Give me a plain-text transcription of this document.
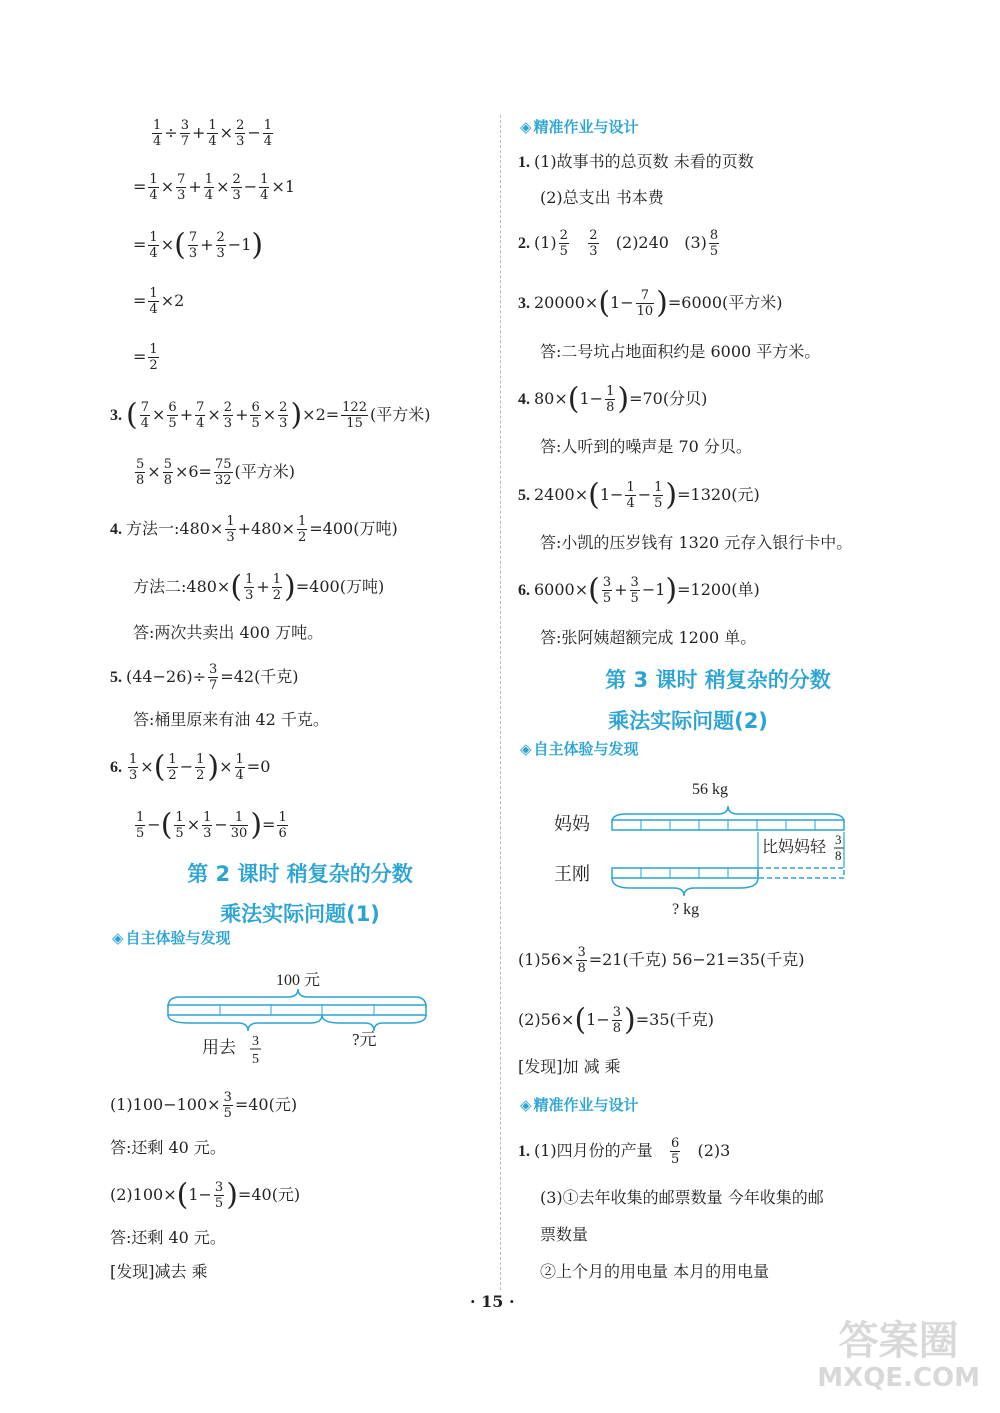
$\frac{1}{4} \div \frac{3}{7} + \frac{1}{4} \times \frac{2}{3} - \frac{1}{4}$
= $\frac{1}{4} \times \frac{7}{3} + \frac{1}{4} \times \frac{2}{3} - \frac{1}{4} \times 1$
= $\frac{1}{4}$ ×( $\frac{7}{3} + \frac{2}{3} -1$)
= $\frac{1}{4} \times 2$
= $\frac{1}{2}$
3. ( $\frac{7}{4} \times \frac{6}{5} + \frac{7}{4} \times \frac{2}{3} + \frac{6}{5} \times \frac{2}{3} )\times 2= \frac{122}{15}$ (平方米)
$\frac{5}{8} \times \frac{5}{8} \times 6= \frac{75}{32}$ (平方米)
4. 方法一:480× $\frac{1}{3} +480\times \frac{1}{2} =400$(万吨)
方法二:480×( $\frac{1}{3} + \frac{1}{2} )=400$(万吨)
答:两次共卖出 400 万吨。
5. $(44-26)\div \frac{3}{7} =42$(千克)
答:桶里原来有油 42 千克。
6. $\frac{1}{3}$ ×( $\frac{1}{2} - \frac{1}{2}$ )× $\frac{1}{4} =0$
$\frac{1}{5}$ −( $\frac{1}{5} \times \frac{1}{3} - \frac{1}{30}$ )= $\frac{1}{6}$
第 2 课时 稍复杂的分数
乘法实际问题(1)
◈ 自主体验与发现
100 元
用去 3
5
?元
$(1)100-100\times \frac{3}{5} =40$(元)
答:还剩 40 元。
$(2)100\times(1- \frac{3}{5} )=40$(元)
答:还剩 40 元。
[发现]减去 乘
◈ 精准作业与设计
1. (1)故事书的总页数 未看的页数
(2)总支出 书本费
2. $(1) \frac{2}{5}$
$\frac{2}{3} (2)240$ $(3) \frac{8}{5}$
3. $20000\times(1- \frac{7}{10} )=6000$(平方米)
答:二号坑占地面积约是 6000 平方米。
4. $80\times(1- \frac{1}{8} )=70$(分贝)
答:人听到的噪声是 70 分贝。
5. $2400\times(1- \frac{1}{4} - \frac{1}{5} )=1320$(元)
答:小凯的压岁钱有 1320 元存入银行卡中。
6. $6000\times( \frac{3}{5} + \frac{3}{5} -1)=1200$(单)
答:张阿姨超额完成 1200 单。
第 3 课时 稍复杂的分数
乘法实际问题(2)
◈ 自主体验与发现
56 kg
妈妈
比妈妈轻 3
8
王刚
? kg
$(1)56\times \frac{3}{8} =21$(千克) 56−21=35(千克)
$(2)56\times(1- \frac{3}{8} )=35$(千克)
[发现]加 减 乘
◈ 精准作业与设计
1. (1)四月份的产量 $\frac{6}{5} (2)3$
(3)①去年收集的邮票数量 今年收集的邮
票数量
②上个月的用电量 本月的用电量
· 15 ·
答案圈
MXQE.COM
